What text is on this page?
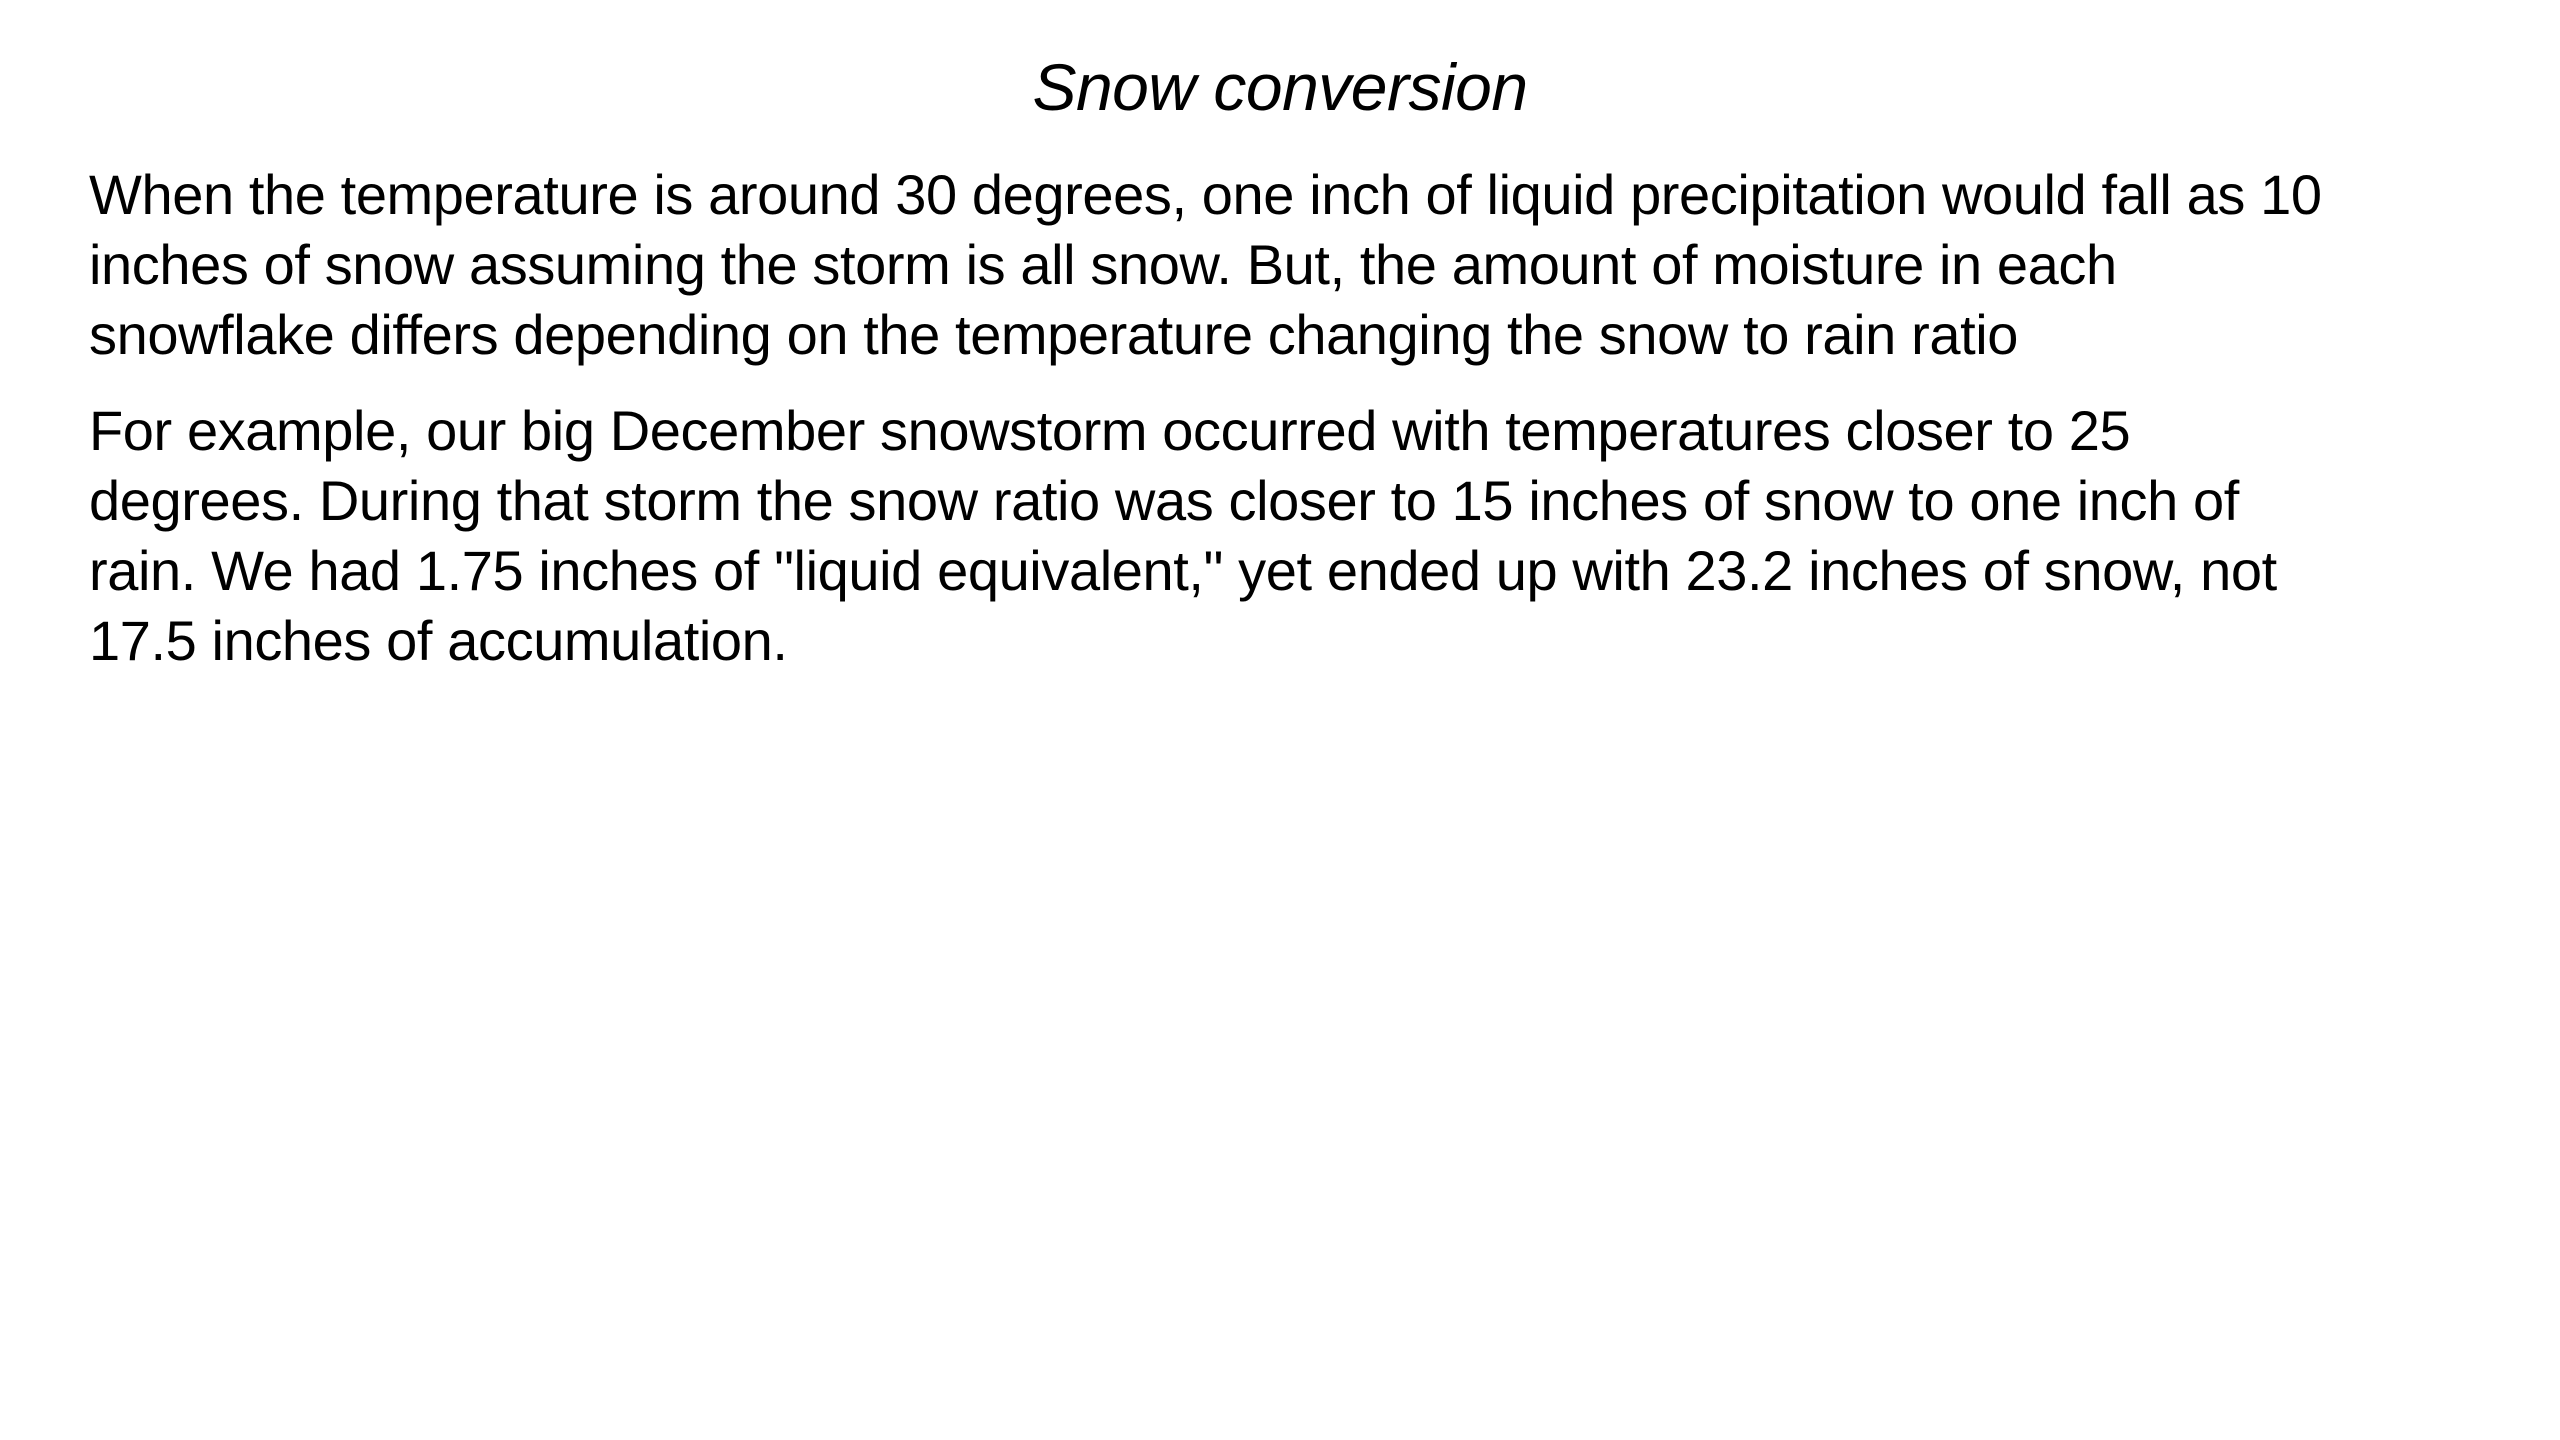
Snow conversion

When the temperature is around 30 degrees, one inch of liquid precipitation would fall as 10 inches of snow assuming the storm is all snow. But, the amount of moisture in each snowflake differs depending on the temperature changing the snow to rain ratio

For example, our big December snowstorm occurred with temperatures closer to 25 degrees. During that storm the snow ratio was closer to 15 inches of snow to one inch of rain. We had 1.75 inches of "liquid equivalent," yet ended up with 23.2 inches of snow, not 17.5 inches of accumulation.
